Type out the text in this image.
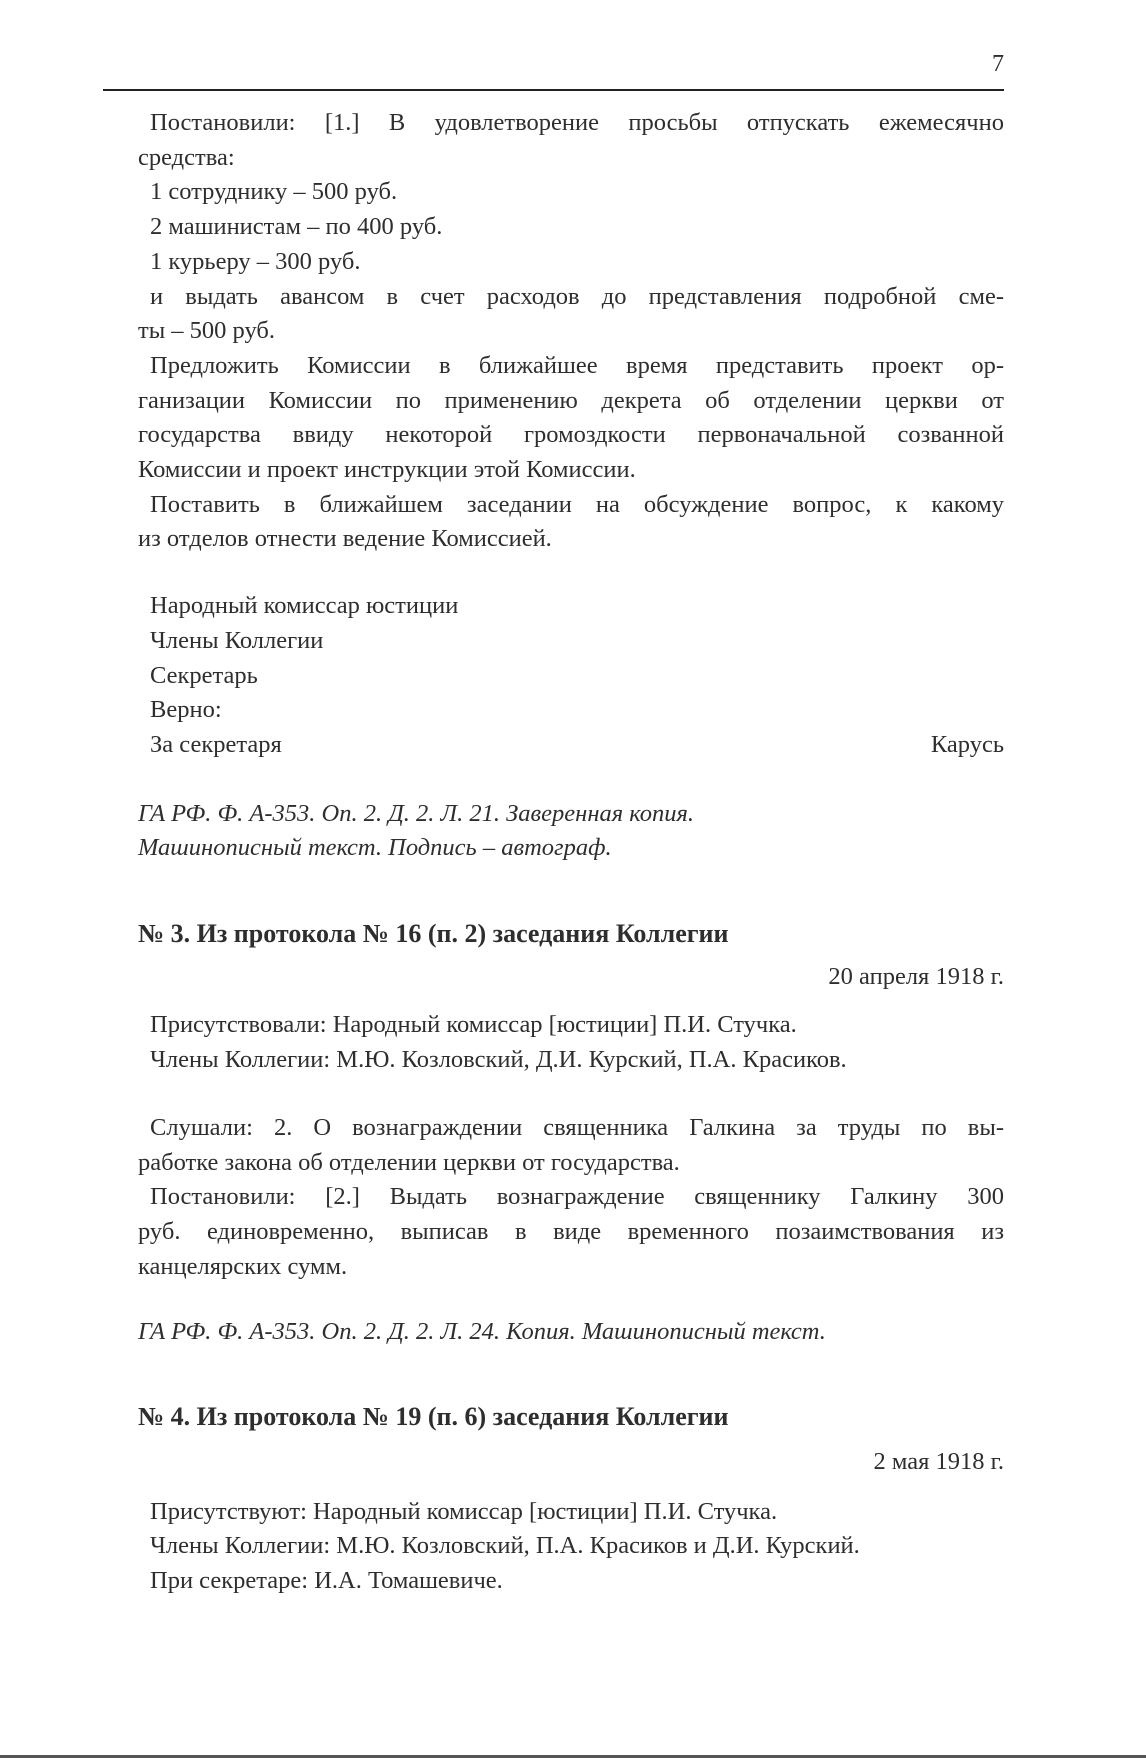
7
Постановили: [1.] В удовлетворение просьбы отпускать ежемесячно
средства:
1 сотруднику – 500 руб.
2 машинистам – по 400 руб.
1 курьеру – 300 руб.
и выдать авансом в счет расходов до представления подробной сме-
ты – 500 руб.
Предложить Комиссии в ближайшее время представить проект ор-
ганизации Комиссии по применению декрета об отделении церкви от
государства ввиду некоторой громоздкости первоначальной созванной
Комиссии и проект инструкции этой Комиссии.
Поставить в ближайшем заседании на обсуждение вопрос, к какому
из отделов отнести ведение Комиссией.
Народный комиссар юстиции
Члены Коллегии
Секретарь
Верно:
За секретаря	Карусь
ГА РФ. Ф. А-353. Оп. 2. Д. 2. Л. 21. Заверенная копия.
Машинописный текст. Подпись – автограф.
№ 3. Из протокола № 16 (п. 2) заседания Коллегии
20 апреля 1918 г.
Присутствовали: Народный комиссар [юстиции] П.И. Стучка.
Члены Коллегии: М.Ю. Козловский, Д.И. Курский, П.А. Красиков.
Слушали: 2. О вознаграждении священника Галкина за труды по вы-
работке закона об отделении церкви от государства.
Постановили: [2.] Выдать вознаграждение священнику Галкину 300
руб. единовременно, выписав в виде временного позаимствования из
канцелярских сумм.
ГА РФ. Ф. А-353. Оп. 2. Д. 2. Л. 24. Копия. Машинописный текст.
№ 4. Из протокола № 19 (п. 6) заседания Коллегии
2 мая 1918 г.
Присутствуют: Народный комиссар [юстиции] П.И. Стучка.
Члены Коллегии: М.Ю. Козловский, П.А. Красиков и Д.И. Курский.
При секретаре: И.А. Томашевиче.
